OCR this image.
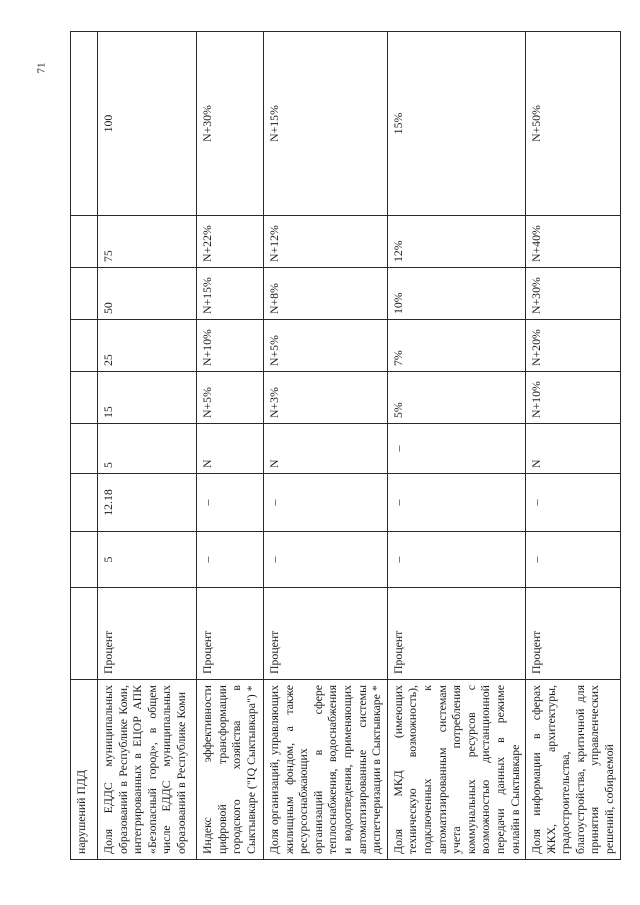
71
нарушений ПДД									
Доля ЕДДС муниципальных образований в Республике Коми, интегрированных в ЕЦОР АПК «Безопасный город», в общем числе ЕДДС муниципальных образований в Республике Коми	Процент	5	12.18	5	15	25	50	75	100
Индекс эффективности цифровой трансформации городского хозяйства в Сыктывкаре ("IQ Сыктывкара") *	Процент	–	–	N	N+5%	N+10%	N+15%	N+22%	N+30%
Доля организаций, управляющих жилищным фондом, а также ресурсоснабжающих организаций в сфере теплоснабжения, водоснабжения и водоотведения, применяющих автоматизированные системы диспетчеризации в Сыктывкаре *	Процент	–	–	N	N+3%	N+5%	N+8%	N+12%	N+15%
Доля МКД (имеющих техническую возможность), подключенных к автоматизированным системам учета потребления коммунальных ресурсов с возможностью дистанционной передачи данных в режиме онлайн в Сыктывкаре	Процент	–	–	–	5%	7%	10%	12%	15%
Доля информации в сферах ЖКХ, архитектуры, градостроительства, благоустройства, критичной для принятия управленческих решений, собираемой	Процент	–	–	N	N+10%	N+20%	N+30%	N+40%	N+50%
